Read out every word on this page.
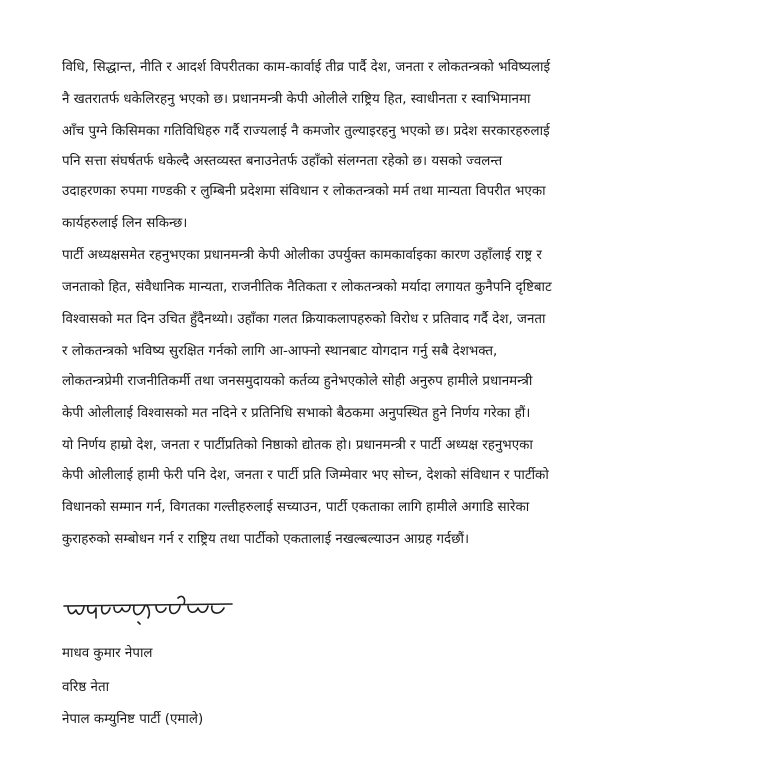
विधि, सिद्धान्त, नीति र आदर्श विपरीतका काम-कार्वाई तीव्र पार्दै देश, जनता र लोकतन्त्रको भविष्यलाई
नै खतरातर्फ धकेलिरहनु भएको छ। प्रधानमन्त्री केपी ओलीले राष्ट्रिय हित, स्वाधीनता र स्वाभिमानमा
आँच पुग्ने किसिमका गतिविधिहरु गर्दै राज्यलाई नै कमजोर तुल्याइरहनु भएको छ। प्रदेश सरकारहरुलाई
पनि सत्ता संघर्षतर्फ धकेल्दै अस्तव्यस्त बनाउनेतर्फ उहाँको संलग्नता रहेको छ। यसको ज्वलन्त
उदाहरणका रुपमा गण्डकी र लुम्बिनी प्रदेशमा संविधान र लोकतन्त्रको मर्म तथा मान्यता विपरीत भएका
कार्यहरुलाई लिन सकिन्छ।
पार्टी अध्यक्षसमेत रहनुभएका प्रधानमन्त्री केपी ओलीका उपर्युक्त कामकार्वाइका कारण उहाँलाई राष्ट्र र
जनताको हित, संवैधानिक मान्यता, राजनीतिक नैतिकता र लोकतन्त्रको मर्यादा लगायत कुनैपनि दृष्टिबाट
विश्वासको मत दिन उचित हुँदैनथ्यो। उहाँका गलत क्रियाकलापहरुको विरोध र प्रतिवाद गर्दै देश, जनता
र लोकतन्त्रको भविष्य सुरक्षित गर्नको लागि आ-आफ्नो स्थानबाट योगदान गर्नु सबै देशभक्त,
लोकतन्त्रप्रेमी राजनीतिकर्मी तथा जनसमुदायको कर्तव्य हुनेभएकोले सोही अनुरुप हामीले प्रधानमन्त्री
केपी ओलीलाई विश्वासको मत नदिने र प्रतिनिधि सभाको बैठकमा अनुपस्थित हुने निर्णय गरेका हौं।
यो निर्णय हाम्रो देश, जनता र पार्टीप्रतिको निष्ठाको द्योतक हो। प्रधानमन्त्री र पार्टी अध्यक्ष रहनुभएका
केपी ओलीलाई हामी फेरी पनि देश, जनता र पार्टी प्रति जिम्मेवार भए सोच्न, देशको संविधान र पार्टीको
विधानको सम्मान गर्न, विगतका गल्तीहरुलाई सच्याउन, पार्टी एकताका लागि हामीले अगाडि सारेका
कुराहरुको सम्बोधन गर्न र राष्ट्रिय तथा पार्टीको एकतालाई नखल्बल्याउन आग्रह गर्दछौं।
माधव कुमार नेपाल
वरिष्ठ नेता
नेपाल कम्युनिष्ट पार्टी (एमाले)
